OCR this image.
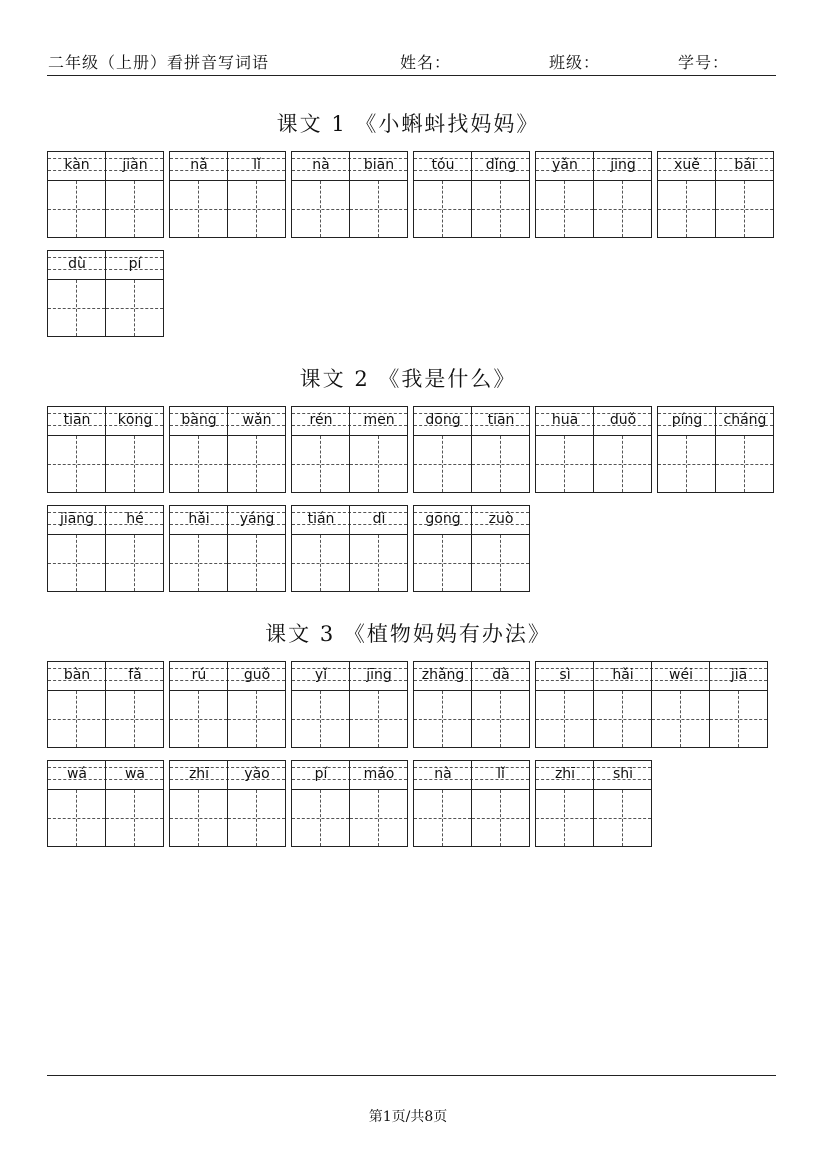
二年级（上册）看拼音写词语	姓名：	班级：	学号：
课文 1 《小蝌蚪找妈妈》
kàn	jiàn	nǎ	lǐ	nà	biān	tóu	dǐng	yǎn	jing	xuě	bái
dù	pí
课文 2 《我是什么》
tiān	kōng	bàng	wǎn	rén	men	dōng	tiān	huā	duǒ	píng	cháng
jiāng	hé	hǎi	yáng	tián	dì	gōng	zuò
课文 3 《植物妈妈有办法》
bàn	fǎ	rú	guǒ	yǐ	jīng	zhǎng	dà	sì	hǎi	wéi	jiā
wá	wa	zhī	yào	pí	máo	nà	lǐ	zhī	shi
第1页/共8页
